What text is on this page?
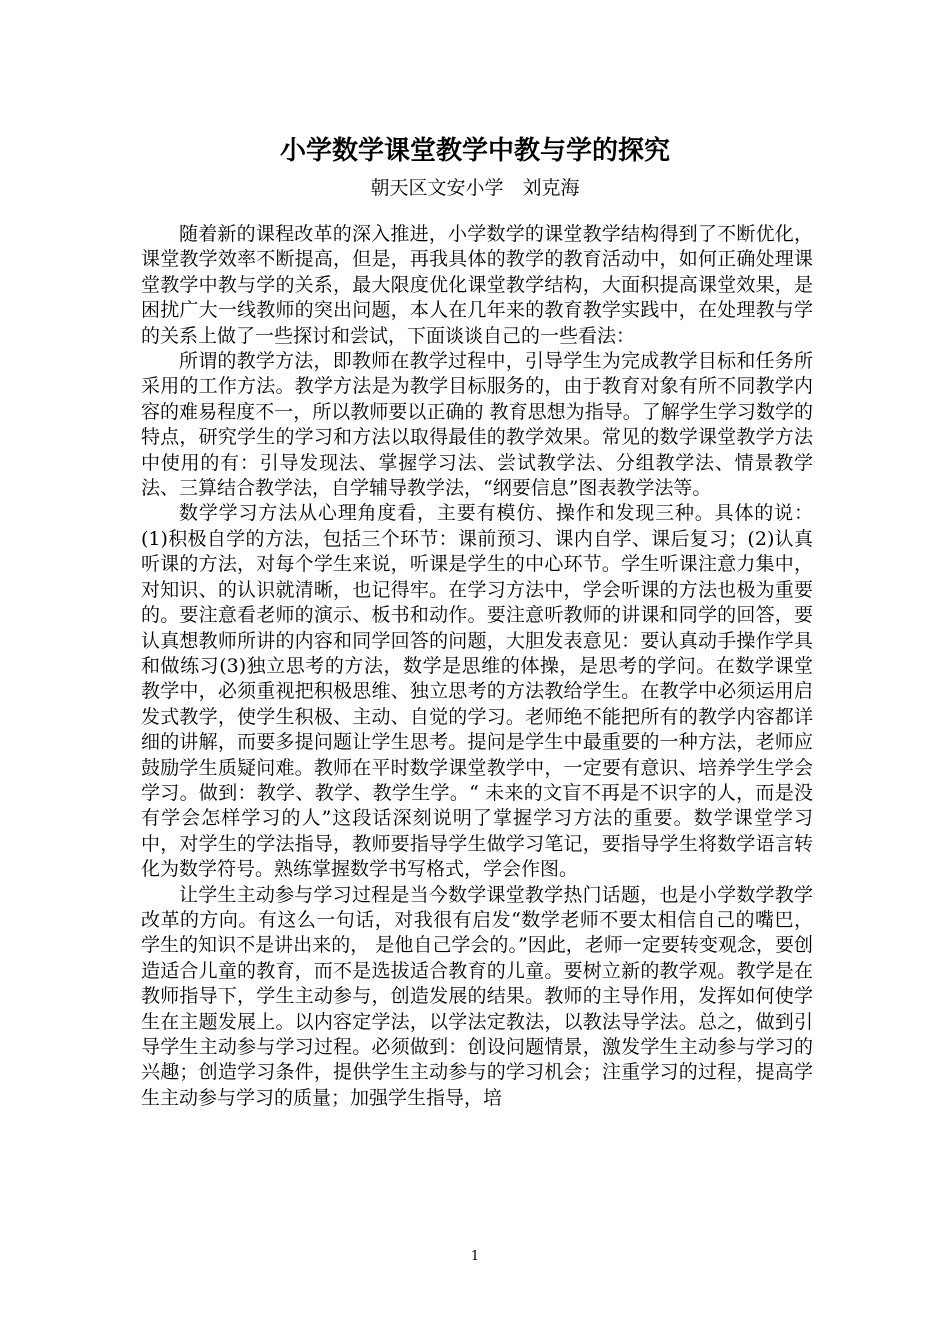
小学数学课堂教学中教与学的探究
朝天区文安小学　刘克海

随着新的课程改革的深入推进，小学数学的课堂教学结构得到了不断优化，课堂教学效率不断提高，但是，再我具体的教学的教育活动中，如何正确处理课堂教学中教与学的关系，最大限度优化课堂教学结构，大面积提高课堂效果，是困扰广大一线教师的突出问题，本人在几年来的教育教学实践中，在处理教与学的关系上做了一些探讨和尝试，下面谈谈自己的一些看法：

所谓的教学方法，即教师在教学过程中，引导学生为完成教学目标和任务所采用的工作方法。教学方法是为教学目标服务的，由于教育对象有所不同教学内容的难易程度不一，所以教师要以正确的 教育思想为指导。了解学生学习数学的特点，研究学生的学习和方法以取得最佳的教学效果。常见的数学课堂教学方法中使用的有：引导发现法、掌握学习法、尝试教学法、分组教学法、情景教学法、三算结合教学法，自学辅导教学法，“纲要信息”图表教学法等。

数学学习方法从心理角度看，主要有模仿、操作和发现三种。具体的说：(1)积极自学的方法，包括三个环节：课前预习、课内自学、课后复习；(2)认真听课的方法，对每个学生来说，听课是学生的中心环节。学生听课注意力集中，对知识、的认识就清晰，也记得牢。在学习方法中，学会听课的方法也极为重要的。要注意看老师的演示、板书和动作。要注意听教师的讲课和同学的回答，要认真想教师所讲的内容和同学回答的问题，大胆发表意见：要认真动手操作学具和做练习(3)独立思考的方法，数学是思维的体操，是思考的学问。在数学课堂教学中，必须重视把积极思维、独立思考的方法教给学生。在教学中必须运用启发式教学，使学生积极、主动、自觉的学习。老师绝不能把所有的教学内容都详细的讲解，而要多提问题让学生思考。提问是学生中最重要的一种方法，老师应鼓励学生质疑问难。教师在平时数学课堂教学中，一定要有意识、培养学生学会学习。做到：教学、教学、教学生学。“ 未来的文盲不再是不识字的人，而是没有学会怎样学习的人”这段话深刻说明了掌握学习方法的重要。数学课堂学习中，对学生的学法指导，教师要指导学生做学习笔记，要指导学生将数学语言转化为数学符号。熟练掌握数学书写格式，学会作图。

让学生主动参与学习过程是当今数学课堂教学热门话题，也是小学数学教学改革的方向。有这么一句话，对我很有启发“数学老师不要太相信自己的嘴巴， 学生的知识不是讲出来的， 是他自己学会的。”因此，老师一定要转变观念，要创造适合儿童的教育，而不是选拔适合教育的儿童。要树立新的教学观。教学是在教师指导下，学生主动参与，创造发展的结果。教师的主导作用，发挥如何使学生在主题发展上。以内容定学法，以学法定教法，以教法导学法。总之，做到引导学生主动参与学习过程。必须做到：创设问题情景，激发学生主动参与学习的兴趣；创造学习条件，提供学生主动参与的学习机会；注重学习的过程，提高学生主动参与学习的质量；加强学生指导，培

1
